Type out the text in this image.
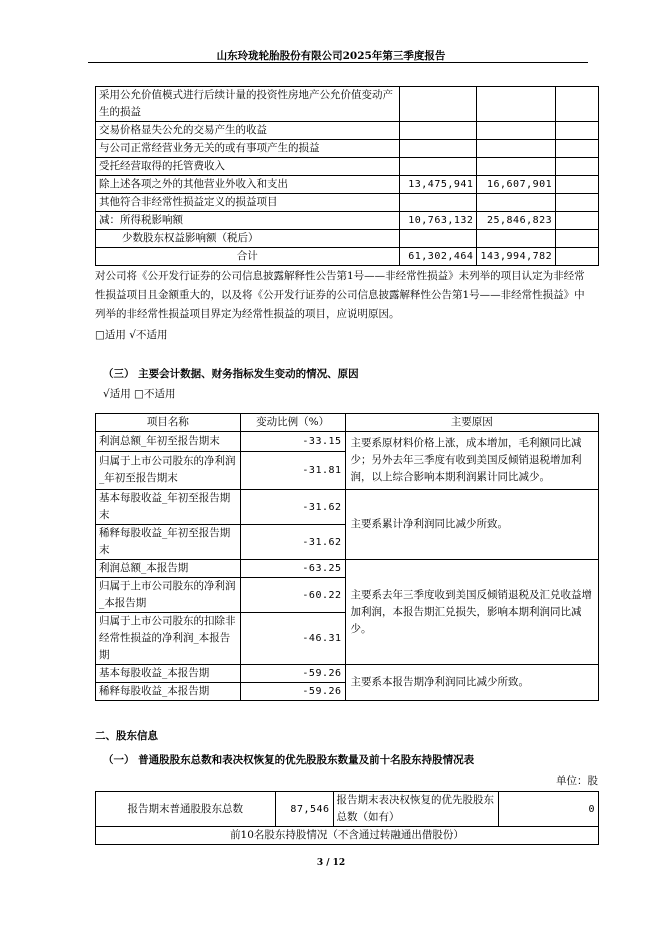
山东玲珑轮胎股份有限公司2025年第三季度报告
采用公允价值模式进行后续计量的投资性房地产公允价值变动产生的损益			
交易价格显失公允的交易产生的收益			
与公司正常经营业务无关的或有事项产生的损益			
受托经营取得的托管费收入			
除上述各项之外的其他营业外收入和支出	13,475,941	16,607,901	
其他符合非经常性损益定义的损益项目			
减：所得税影响额	10,763,132	25,846,823	
少数股东权益影响额（税后）			
合计	61,302,464	143,994,782	
对公司将《公开发行证券的公司信息披露解释性公告第1号——非经常性损益》未列举的项目认定为非经常性损益项目且金额重大的，以及将《公开发行证券的公司信息披露解释性公告第1号——非经常性损益》中列举的非经常性损益项目界定为经常性损益的项目，应说明原因。
□适用 √不适用
（三） 主要会计数据、财务指标发生变动的情况、原因
√适用 □不适用
项目名称	变动比例（%）	主要原因
利润总额_年初至报告期末	-33.15	主要系原材料价格上涨，成本增加，毛利额同比减少；另外去年三季度有收到美国反倾销退税增加利润，以上综合影响本期利润累计同比减少。
归属于上市公司股东的净利润_年初至报告期末	-31.81	
基本每股收益_年初至报告期末	-31.62	主要系累计净利润同比减少所致。
稀释每股收益_年初至报告期末	-31.62	
利润总额_本报告期	-63.25	主要系去年三季度收到美国反倾销退税及汇兑收益增加利润，本报告期汇兑损失，影响本期利润同比减少。
归属于上市公司股东的净利润_本报告期	-60.22	
归属于上市公司股东的扣除非经常性损益的净利润_本报告期	-46.31	
基本每股收益_本报告期	-59.26	主要系本报告期净利润同比减少所致。
稀释每股收益_本报告期	-59.26	
二、股东信息
（一） 普通股股东总数和表决权恢复的优先股股东数量及前十名股东持股情况表
单位：股
报告期末普通股股东总数	87,546	报告期末表决权恢复的优先股股东总数（如有）	0
前10名股东持股情况（不含通过转融通出借股份）
3 / 12
